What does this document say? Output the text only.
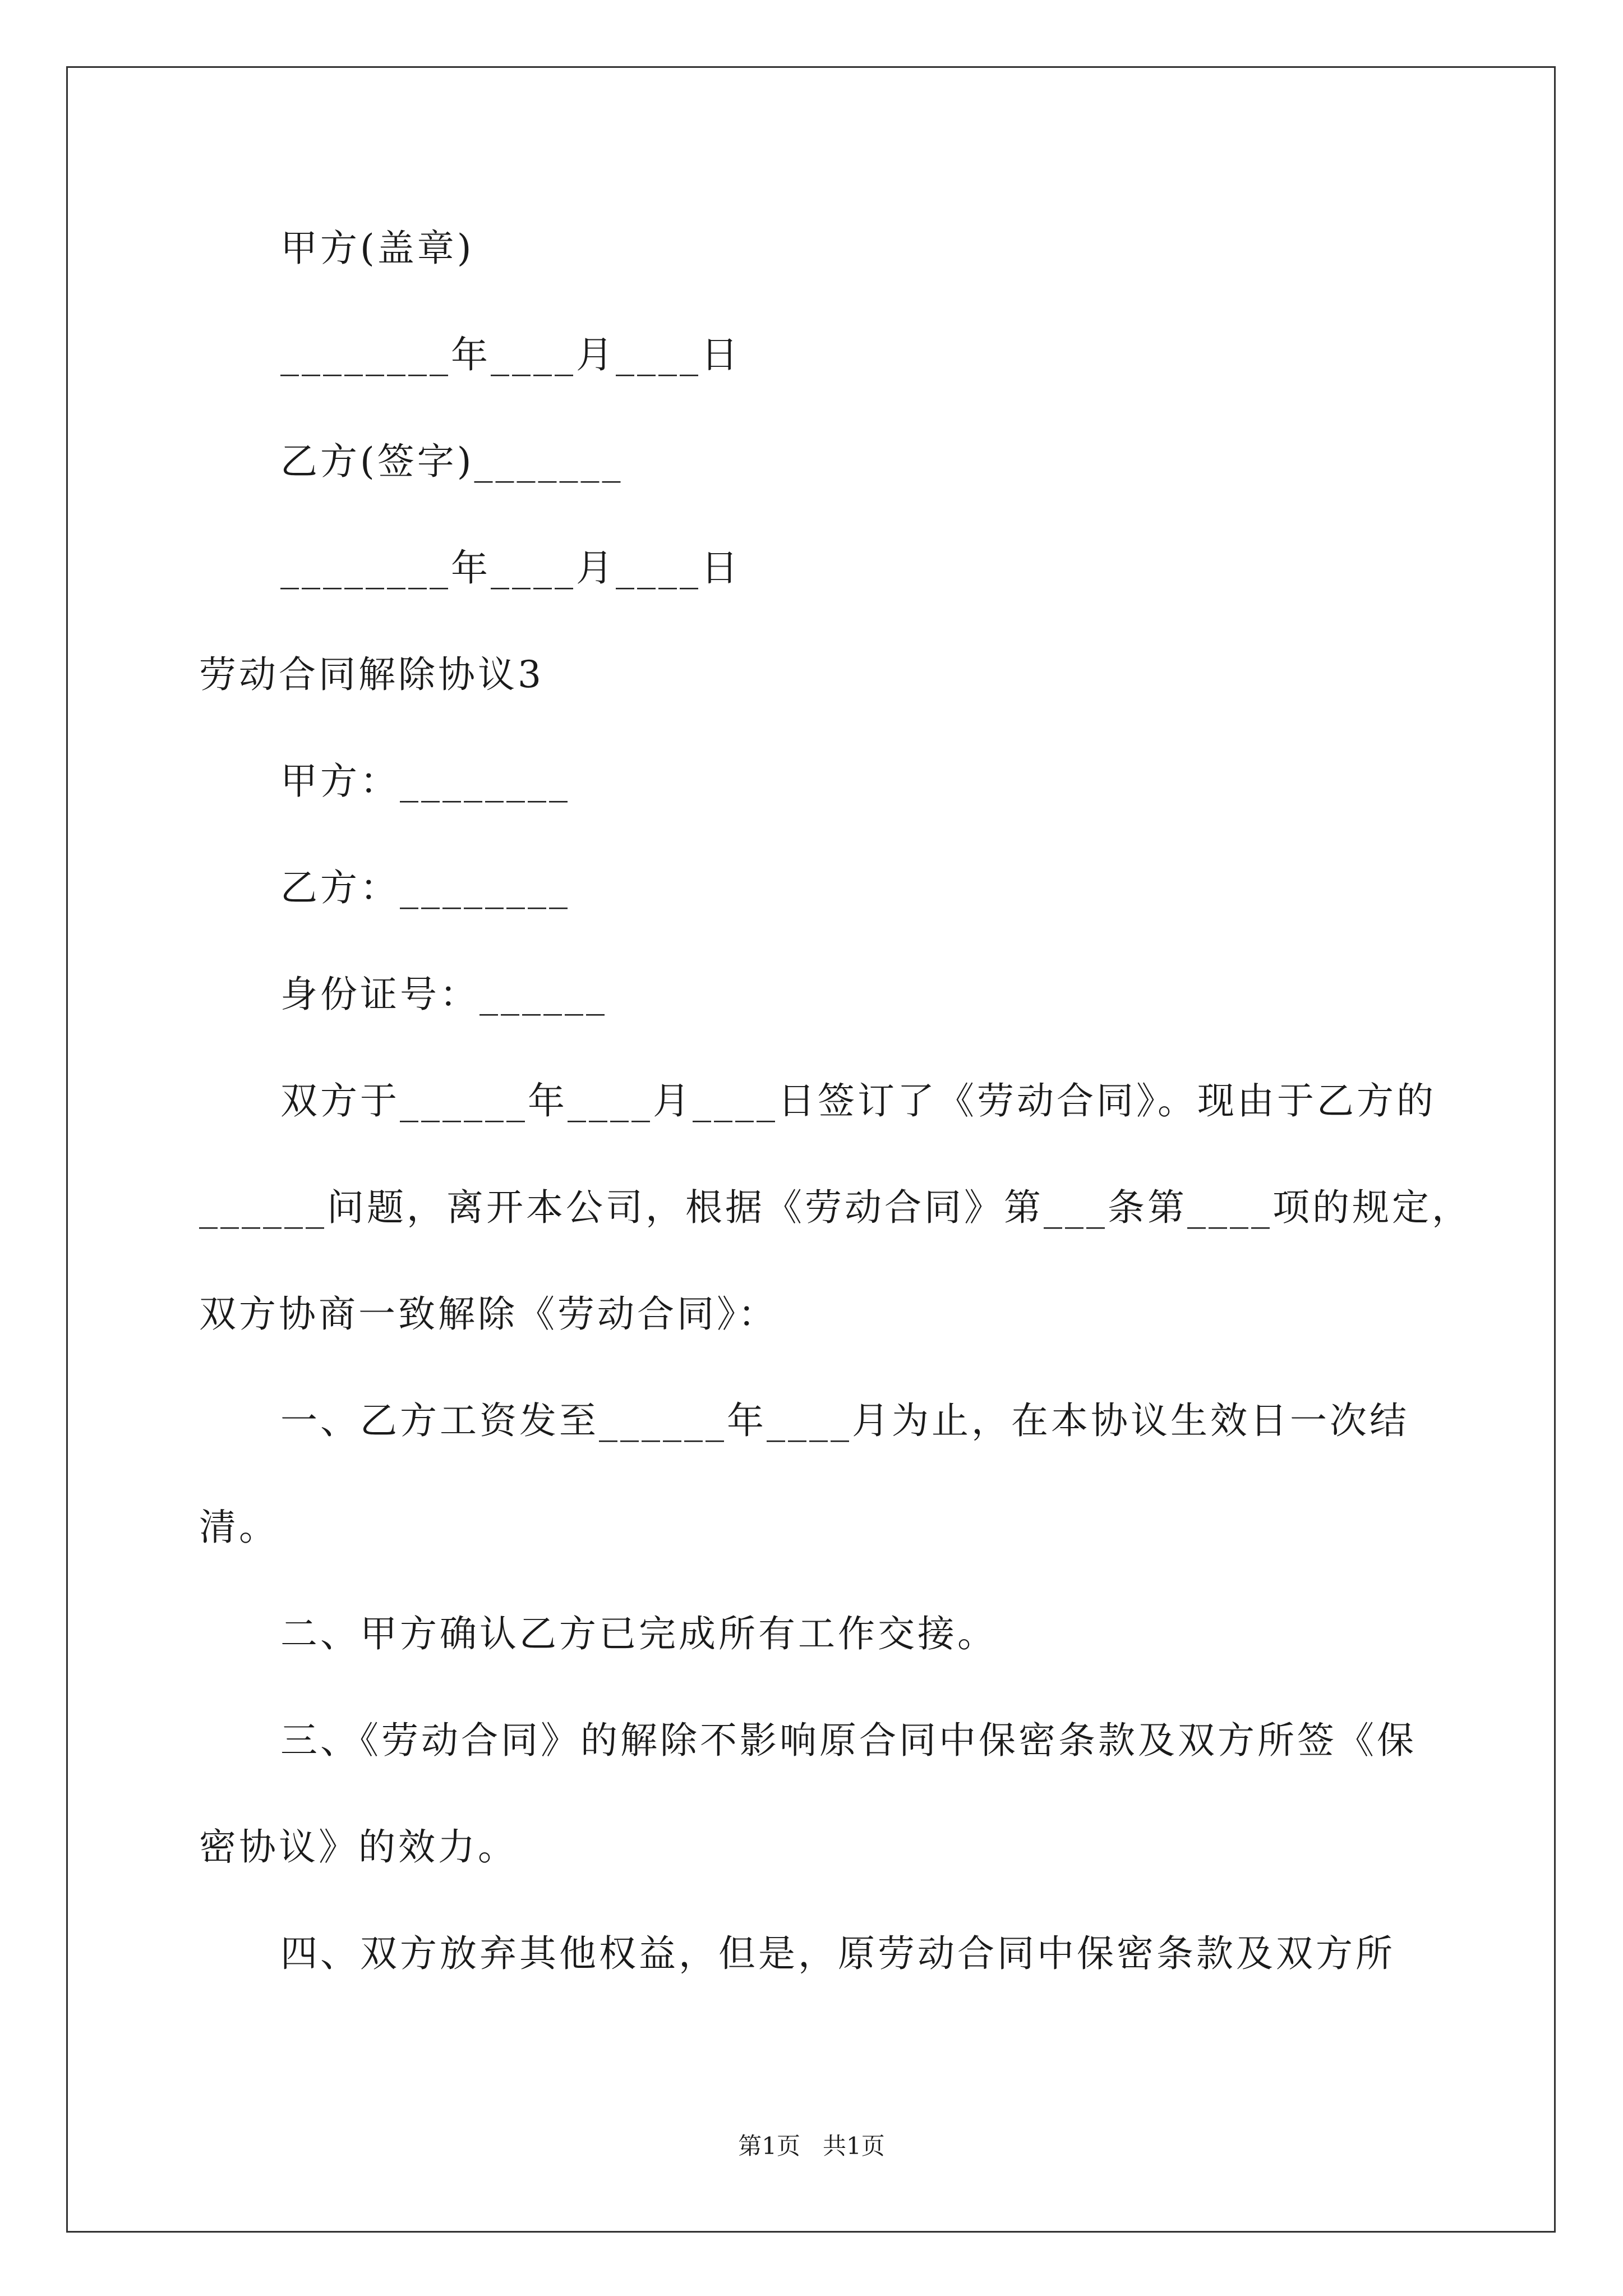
甲方(盖章)
________年____月____日
乙方(签字)_______
________年____月____日
劳动合同解除协议3
甲方：________
乙方：________
身份证号：______
双方于______年____月____日签订了《劳动合同》。现由于乙方的
______问题，离开本公司，根据《劳动合同》第___条第____项的规定，
双方协商一致解除《劳动合同》：
一、乙方工资发至______年____月为止，在本协议生效日一次结
清。
二、甲方确认乙方已完成所有工作交接。
三、《劳动合同》的解除不影响原合同中保密条款及双方所签《保
密协议》的效力。
四、双方放弃其他权益，但是，原劳动合同中保密条款及双方所
第1页   共1页
